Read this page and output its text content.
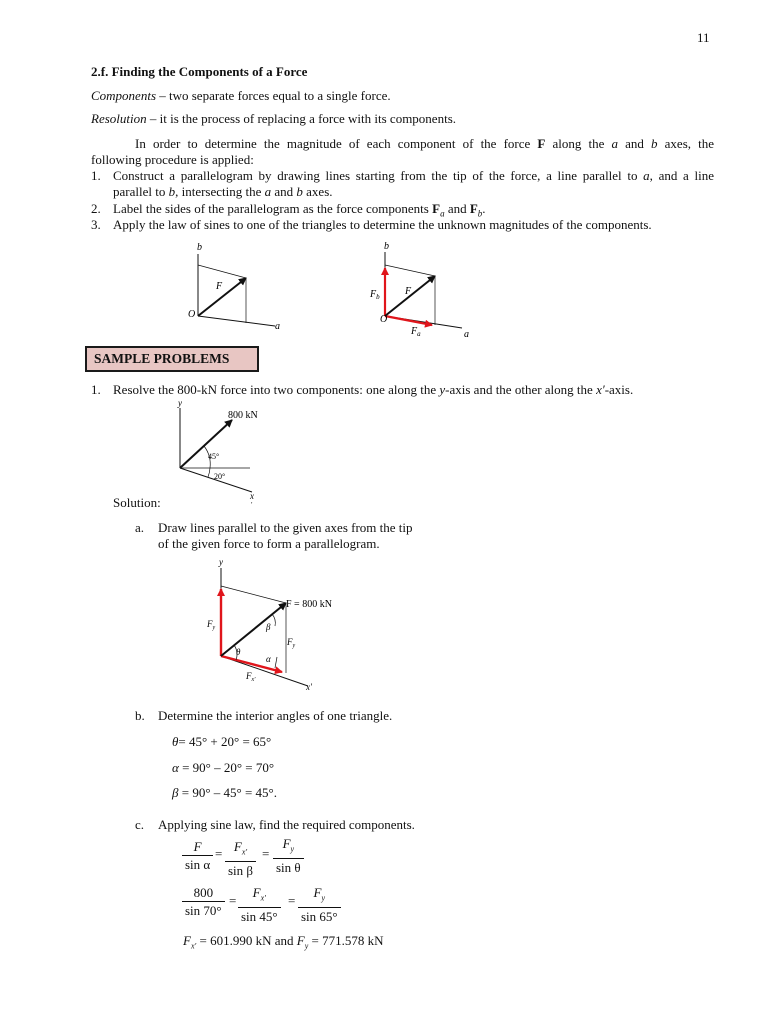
11
2.f. Finding the Components of a Force
Components – two separate forces equal to a single force.
Resolution – it is the process of replacing a force with its components.
In order to determine the magnitude of each component of the force F along the a and b axes, the
following procedure is applied:
1. Construct a parallelogram by drawing lines starting from the tip of the force, a line parallel to a, and a line
parallel to b, intersecting the a and b axes.
2. Label the sides of the parallelogram as the force components $F_a$ and $F_b$.
3. Apply the law of sines to one of the triangles to determine the unknown magnitudes of the components.
b
F
O
a
b
F
$F_b$
O
$F_a$	a
SAMPLE PROBLEMS
1. Resolve the 800-kN force into two components: one along the y-axis and the other along the x′-axis.
y
800 kN
45°
20°
x
′
Solution:
a. Draw lines parallel to the given axes from the tip
of the given force to form a parallelogram.
y
F = 800 kN
$F_y$	β
$F_y$
θ
α
$F_{x'}$
x′
b. Determine the interior angles of one triangle.
θ= 45° + 20° = 65°
α = 90° – 20° = 70°
β = 90° – 45° = 45°.
c. Applying sine law, find the required components.
$\frac{F}{\text{sin α}} = \frac{F_{x'}}{\text{sin β}} = \frac{F_y}{\text{sin θ}}$
$\frac{800}{\sin 70^\circ} = \frac{F_{x'}}{\sin 45^\circ} = \frac{F_y}{\sin 65^\circ}$
$F_{x'} = 601.990$ kN and $F_y = 771.578$ kN
